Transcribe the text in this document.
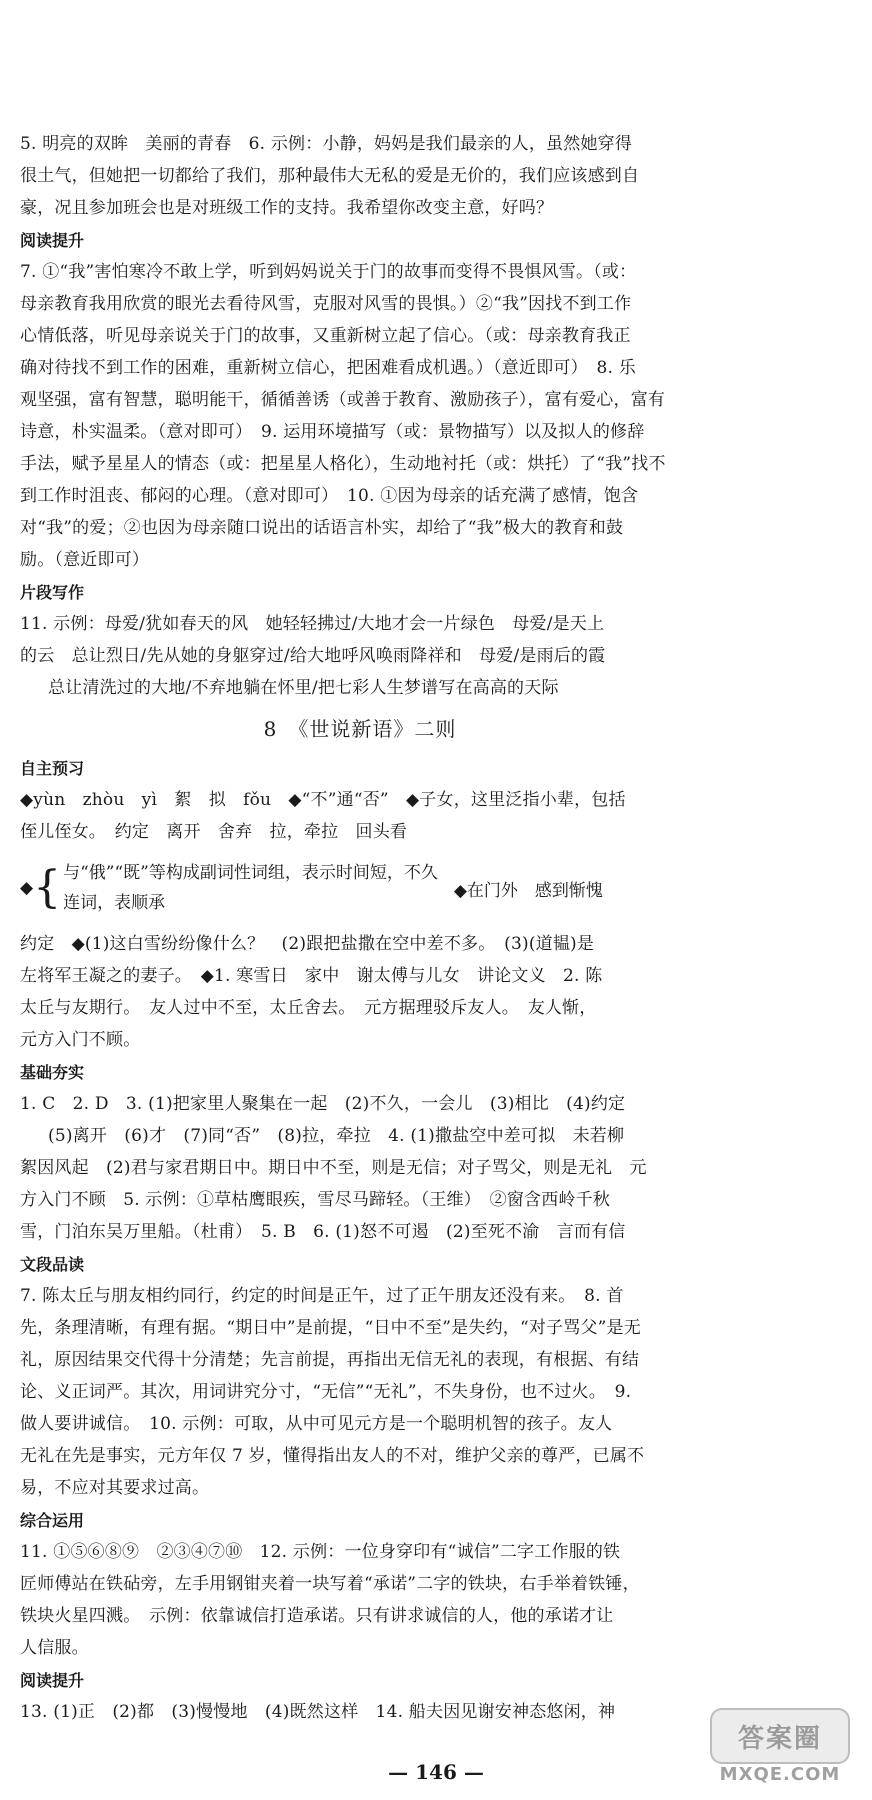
5. 明亮的双眸　美丽的青春　6. 示例：小静，妈妈是我们最亲的人，虽然她穿得

很土气，但她把一切都给了我们，那种最伟大无私的爱是无价的，我们应该感到自

豪，况且参加班会也是对班级工作的支持。我希望你改变主意，好吗？

阅读提升

7. ①“我”害怕寒冷不敢上学，听到妈妈说关于门的故事而变得不畏惧风雪。（或：

母亲教育我用欣赏的眼光去看待风雪，克服对风雪的畏惧。）②“我”因找不到工作

心情低落，听见母亲说关于门的故事，又重新树立起了信心。（或：母亲教育我正

确对待找不到工作的困难，重新树立信心，把困难看成机遇。）（意近即可）　8. 乐

观坚强，富有智慧，聪明能干，循循善诱（或善于教育、激励孩子），富有爱心，富有

诗意，朴实温柔。（意对即可）　9. 运用环境描写（或：景物描写）以及拟人的修辞

手法，赋予星星人的情态（或：把星星人格化），生动地衬托（或：烘托）了“我”找不

到工作时沮丧、郁闷的心理。（意对即可）　10. ①因为母亲的话充满了感情，饱含

对“我”的爱；②也因为母亲随口说出的话语言朴实，却给了“我”极大的教育和鼓

励。（意近即可）

片段写作

11. 示例：母爱/犹如春天的风　她轻轻拂过/大地才会一片绿色　母爱/是天上

的云　总让烈日/先从她的身躯穿过/给大地呼风唤雨降祥和　母爱/是雨后的霞

总让清洗过的大地/不弃地躺在怀里/把七彩人生梦谱写在高高的天际

8　《世说新语》二则
自主预习

◆yùn　zhòu　yì　絮　拟　fǒu　◆“不”通“否”　◆子女，这里泛指小辈，包括

侄儿侄女。　约定　离开　舍弃　拉，牵拉　回头看

◆ { 与“俄”“既”等构成副词性词组，表示时间短，不久
连词，表顺承
◆在门外　感到惭愧

约定　◆(1)这白雪纷纷像什么？　(2)跟把盐撒在空中差不多。　(3)(道韫)是

左将军王凝之的妻子。　◆1. 寒雪日　家中　谢太傅与儿女　讲论文义　2. 陈

太丘与友期行。　友人过中不至，太丘舍去。　元方据理驳斥友人。　友人惭，

元方入门不顾。

基础夯实

1. C　2. D　3. (1)把家里人聚集在一起　(2)不久，一会儿　(3)相比　(4)约定

(5)离开　(6)才　(7)同“否”　(8)拉，牵拉　4. (1)撒盐空中差可拟　未若柳

絮因风起　(2)君与家君期日中。期日中不至，则是无信；对子骂父，则是无礼　元

方入门不顾　5. 示例：①草枯鹰眼疾，雪尽马蹄轻。（王维）　②窗含西岭千秋

雪，门泊东吴万里船。（杜甫）　5. B　6. (1)怒不可遏　(2)至死不渝　言而有信

文段品读

7. 陈太丘与朋友相约同行，约定的时间是正午，过了正午朋友还没有来。　8. 首

先，条理清晰，有理有据。“期日中”是前提，“日中不至”是失约，“对子骂父”是无

礼，原因结果交代得十分清楚；先言前提，再指出无信无礼的表现，有根据、有结

论、义正词严。其次，用词讲究分寸，“无信”“无礼”，不失身份，也不过火。　9.

做人要讲诚信。　10. 示例：可取，从中可见元方是一个聪明机智的孩子。友人

无礼在先是事实，元方年仅 7 岁，懂得指出友人的不对，维护父亲的尊严，已属不

易，不应对其要求过高。

综合运用

11. ①⑤⑥⑧⑨　②③④⑦⑩　12. 示例：一位身穿印有“诚信”二字工作服的铁

匠师傅站在铁砧旁，左手用钢钳夹着一块写着“承诺”二字的铁块，右手举着铁锤，

铁块火星四溅。　示例：依靠诚信打造承诺。只有讲求诚信的人，他的承诺才让

人信服。

阅读提升

13. (1)正　(2)都　(3)慢慢地　(4)既然这样　14. 船夫因见谢安神态悠闲，神

— 146 —
答案圈
MXQE.COM
